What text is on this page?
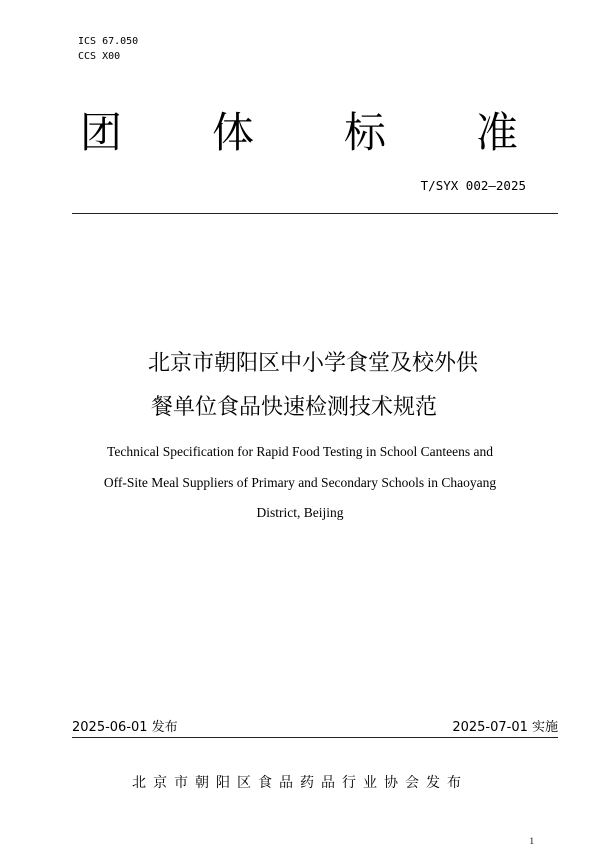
ICS 67.050
CCS X00
团 体 标 准
T/SYX 002—2025
北京市朝阳区中小学食堂及校外供
餐单位食品快速检测技术规范
Technical Specification for Rapid Food Testing in School Canteens and
Off-Site Meal Suppliers of Primary and Secondary Schools in Chaoyang
District, Beijing
2025-06-01 发布	2025-07-01 实施
北京市朝阳区食品药品行业协会发布
1
